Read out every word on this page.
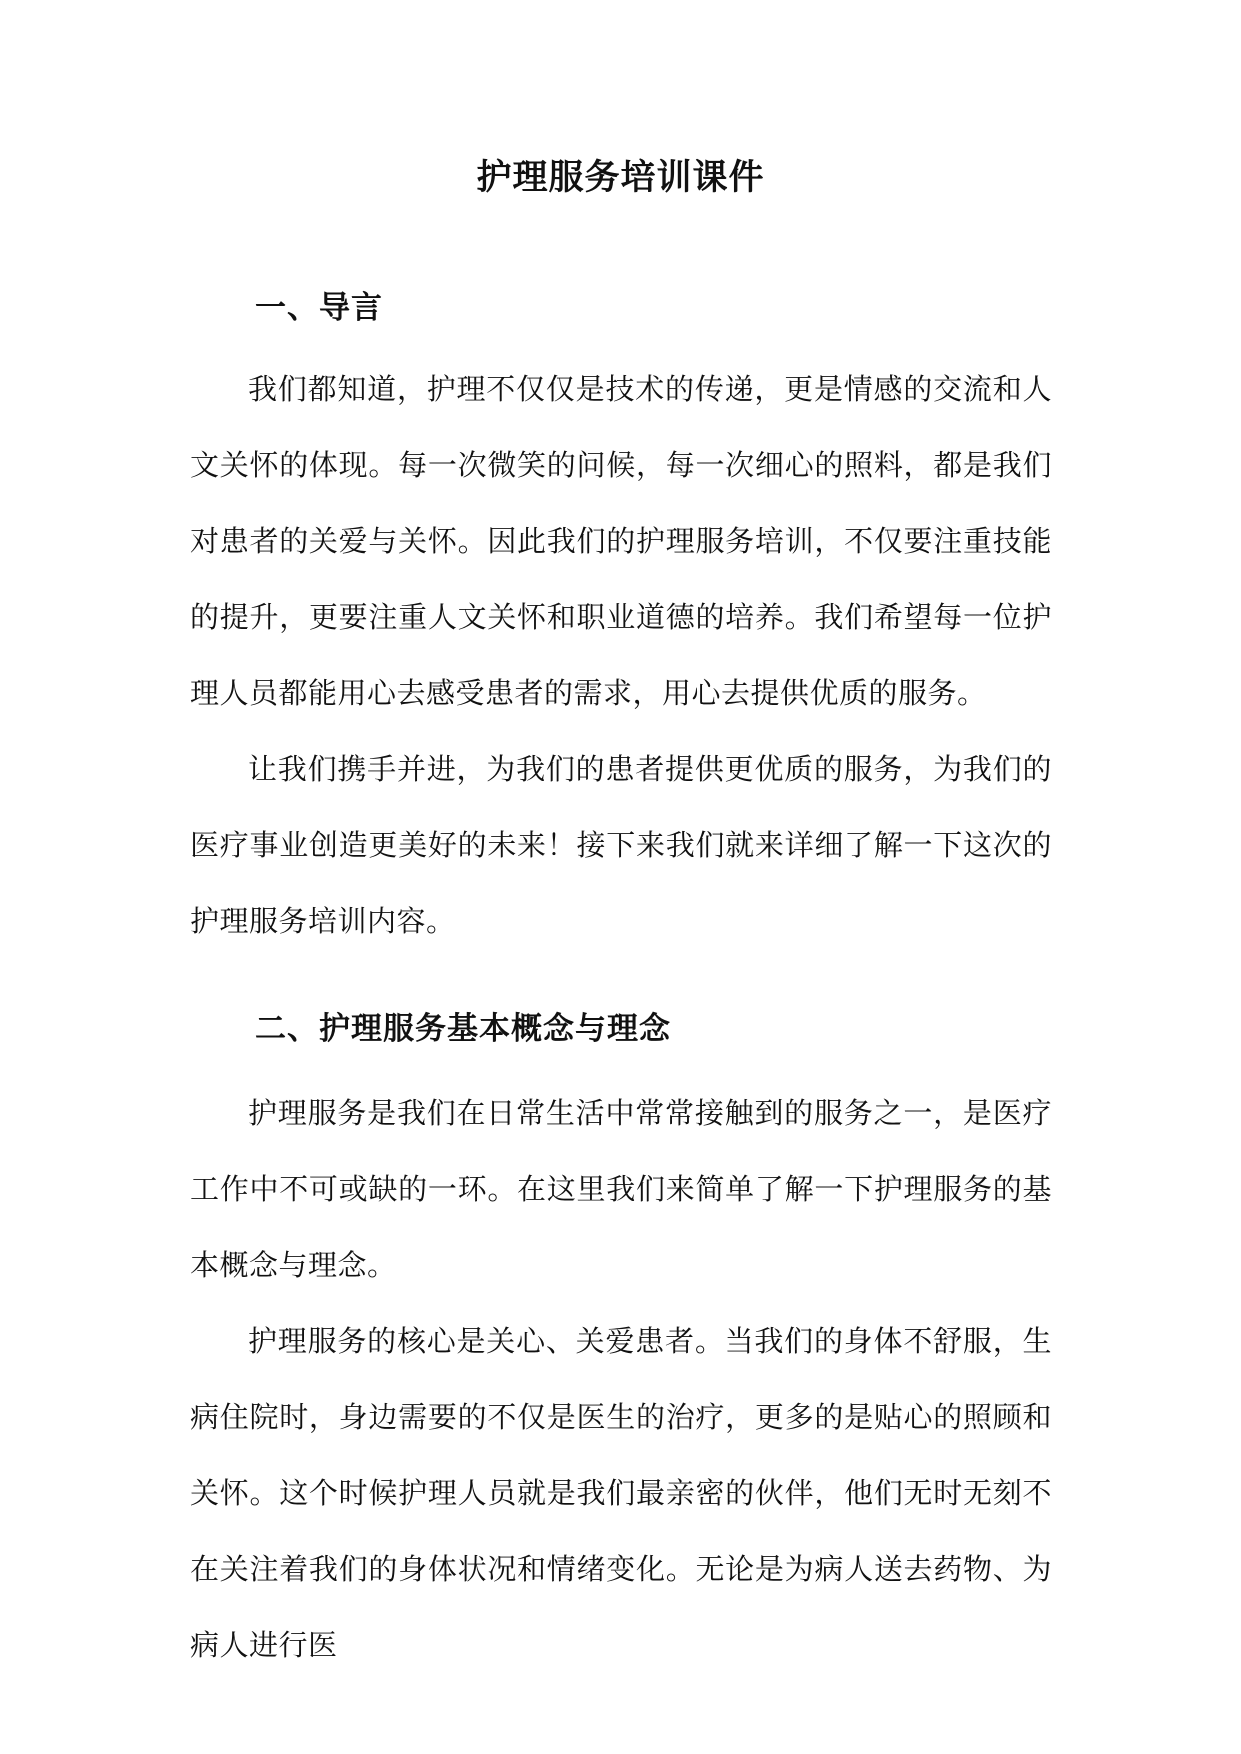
护理服务培训课件
一、导言

我们都知道，护理不仅仅是技术的传递，更是情感的交流和人文关怀的体现。每一次微笑的问候，每一次细心的照料，都是我们对患者的关爱与关怀。因此我们的护理服务培训，不仅要注重技能的提升，更要注重人文关怀和职业道德的培养。我们希望每一位护理人员都能用心去感受患者的需求，用心去提供优质的服务。

让我们携手并进，为我们的患者提供更优质的服务，为我们的医疗事业创造更美好的未来！接下来我们就来详细了解一下这次的护理服务培训内容。

二、护理服务基本概念与理念

护理服务是我们在日常生活中常常接触到的服务之一，是医疗工作中不可或缺的一环。在这里我们来简单了解一下护理服务的基本概念与理念。

护理服务的核心是关心、关爱患者。当我们的身体不舒服，生病住院时，身边需要的不仅是医生的治疗，更多的是贴心的照顾和关怀。这个时候护理人员就是我们最亲密的伙伴，他们无时无刻不在关注着我们的身体状况和情绪变化。无论是为病人送去药物、为病人进行医
